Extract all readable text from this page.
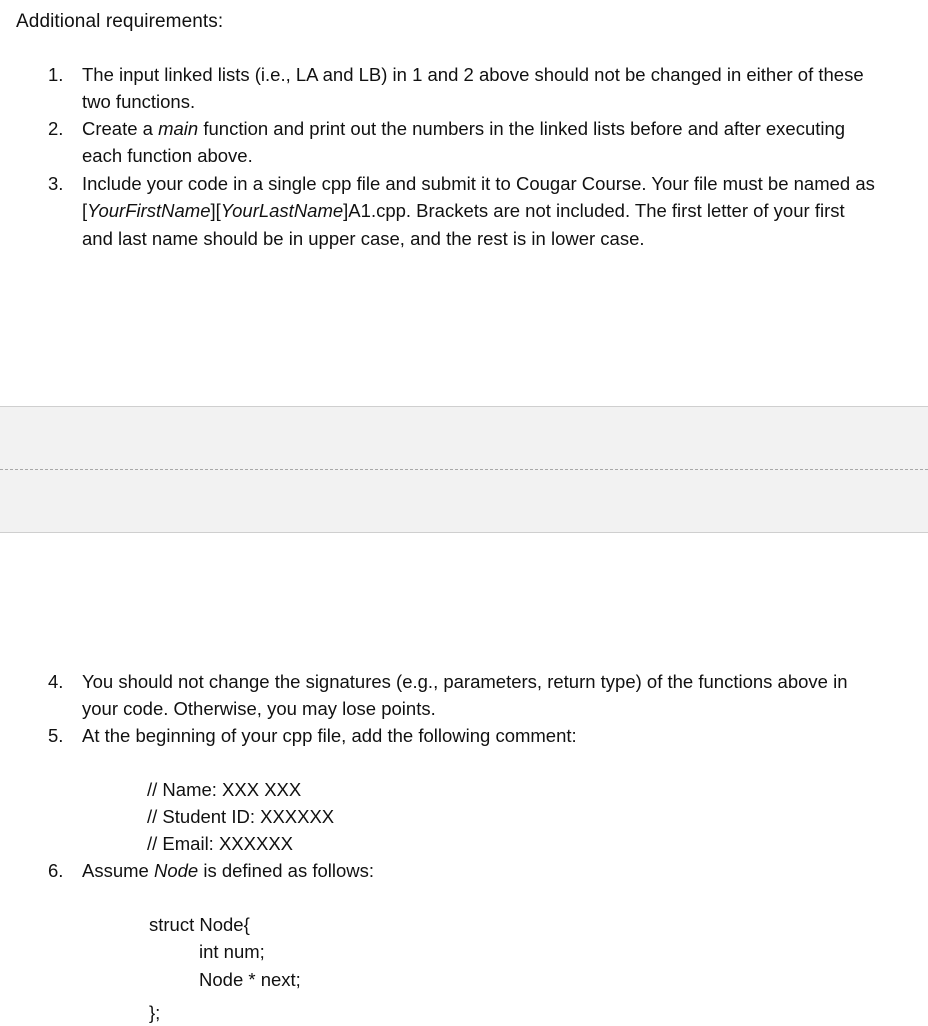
Additional requirements:
1.	The input linked lists (i.e., LA and LB) in 1 and 2 above should not be changed in either of these two functions.
2.	Create a main function and print out the numbers in the linked lists before and after executing each function above.
3.	Include your code in a single cpp file and submit it to Cougar Course. Your file must be named as [YourFirstName][YourLastName]A1.cpp. Brackets are not included. The first letter of your first and last name should be in upper case, and the rest is in lower case.
4.	You should not change the signatures (e.g., parameters, return type) of the functions above in your code. Otherwise, you may lose points.
5.	At the beginning of your cpp file, add the following comment:
// Name: XXX XXX
// Student ID: XXXXXX
// Email: XXXXXX
6.	Assume Node is defined as follows:
struct Node{
int num;
Node * next;
};
